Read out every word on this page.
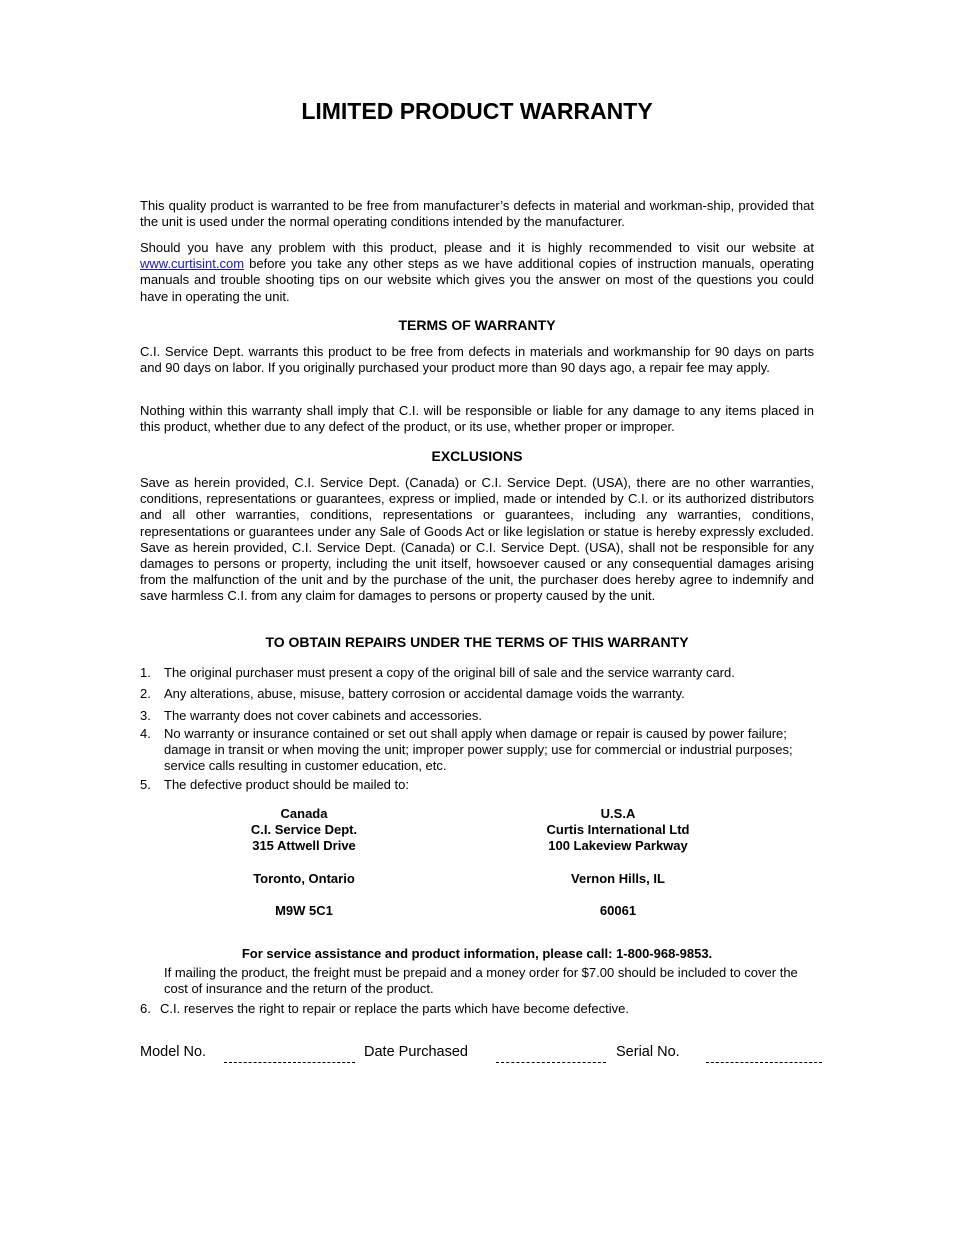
LIMITED PRODUCT WARRANTY

This quality product is warranted to be free from manufacturer’s defects in material and workman-ship, provided that the unit is used under the normal operating conditions intended by the manufacturer.

Should you have any problem with this product, please and it is highly recommended to visit our website at www.curtisint.com before you take any other steps as we have additional copies of instruction manuals, operating manuals and trouble shooting tips on our website which gives you the answer on most of the questions you could have in operating the unit.

TERMS OF WARRANTY

C.I. Service Dept. warrants this product to be free from defects in materials and workmanship for 90 days on parts and 90 days on labor. If you originally purchased your product more than 90 days ago, a repair fee may apply.

Nothing within this warranty shall imply that C.I. will be responsible or liable for any damage to any items placed in this product, whether due to any defect of the product, or its use, whether proper or improper.

EXCLUSIONS

Save as herein provided, C.I. Service Dept. (Canada) or C.I. Service Dept. (USA), there are no other warranties, conditions, representations or guarantees, express or implied, made or intended by C.I. or its authorized distributors and all other warranties, conditions, representations or guarantees, including any warranties, conditions, representations or guarantees under any Sale of Goods Act or like legislation or statue is hereby expressly excluded. Save as herein provided, C.I. Service Dept. (Canada) or C.I. Service Dept. (USA), shall not be responsible for any damages to persons or property, including the unit itself, howsoever caused or any consequential damages arising from the malfunction of the unit and by the purchase of the unit, the purchaser does hereby agree to indemnify and save harmless C.I. from any claim for damages to persons or property caused by the unit.

TO OBTAIN REPAIRS UNDER THE TERMS OF THIS WARRANTY
1.	The original purchaser must present a copy of the original bill of sale and the service warranty card.
2.	Any alterations, abuse, misuse, battery corrosion or accidental damage voids the warranty.
3.	The warranty does not cover cabinets and accessories.
4.	No warranty or insurance contained or set out shall apply when damage or repair is caused by power failure; damage in transit or when moving the unit; improper power supply; use for commercial or industrial purposes; service calls resulting in customer education, etc.
5.	The defective product should be mailed to:
Canada
C.I. Service Dept.
315 Attwell Drive
Toronto, Ontario
M9W 5C1
U.S.A
Curtis International Ltd
100 Lakeview Parkway
Vernon Hills, IL
60061

For service assistance and product information, please call: 1-800-968-9853.

If mailing the product, the freight must be prepaid and a money order for $7.00 should be included to cover the cost of insurance and the return of the product.

6. C.I. reserves the right to repair or replace the parts which have become defective.
Model No.	Date Purchased	Serial No.
